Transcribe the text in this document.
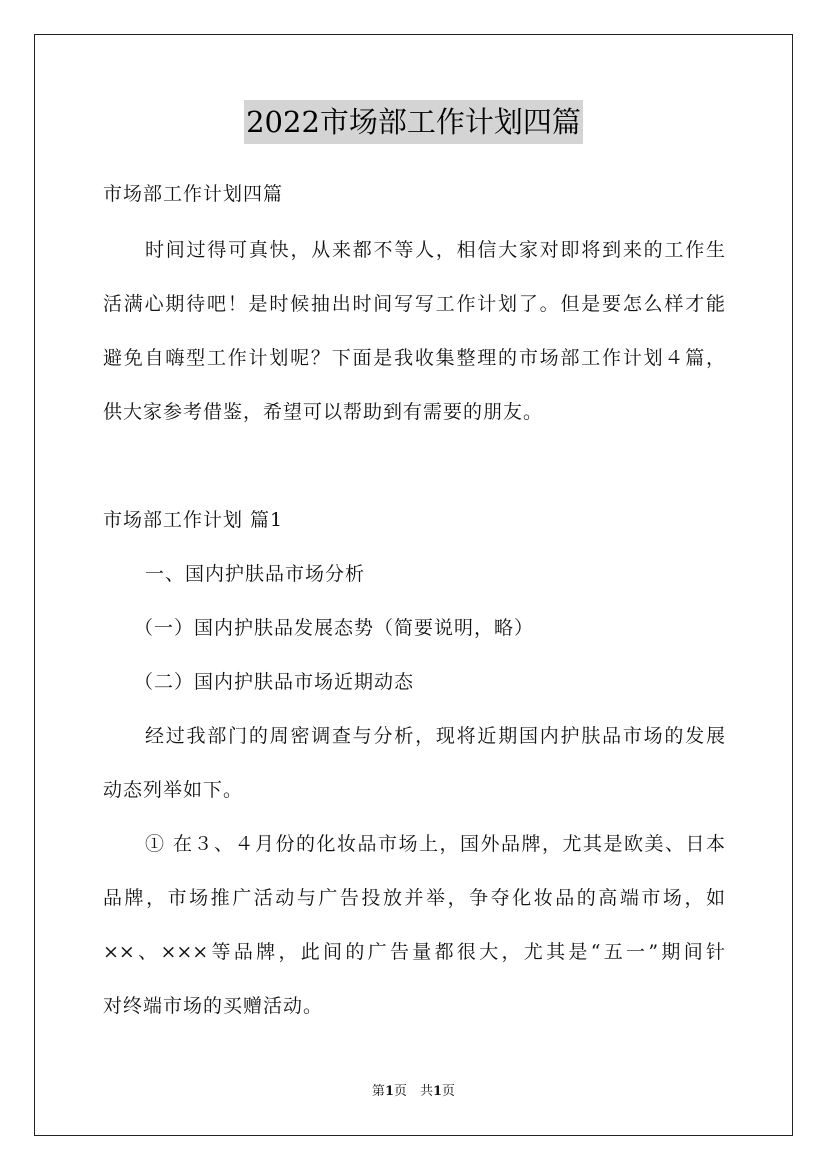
2022市场部工作计划四篇
市场部工作计划四篇
时间过得可真快，从来都不等人，相信大家对即将到来的工作生
活满心期待吧！是时候抽出时间写写工作计划了。但是要怎么样才能
避免自嗨型工作计划呢？下面是我收集整理的市场部工作计划４篇，
供大家参考借鉴，希望可以帮助到有需要的朋友。
市场部工作计划 篇1
一、国内护肤品市场分析
（一）国内护肤品发展态势（简要说明，略）
（二）国内护肤品市场近期动态
经过我部门的周密调查与分析，现将近期国内护肤品市场的发展
动态列举如下。
① 在３、４月份的化妆品市场上，国外品牌，尤其是欧美、日本
品牌，市场推广活动与广告投放并举，争夺化妆品的高端市场，如
××、×××等品牌，此间的广告量都很大，尤其是“五一”期间针
对终端市场的买赠活动。
第1页　共1页
